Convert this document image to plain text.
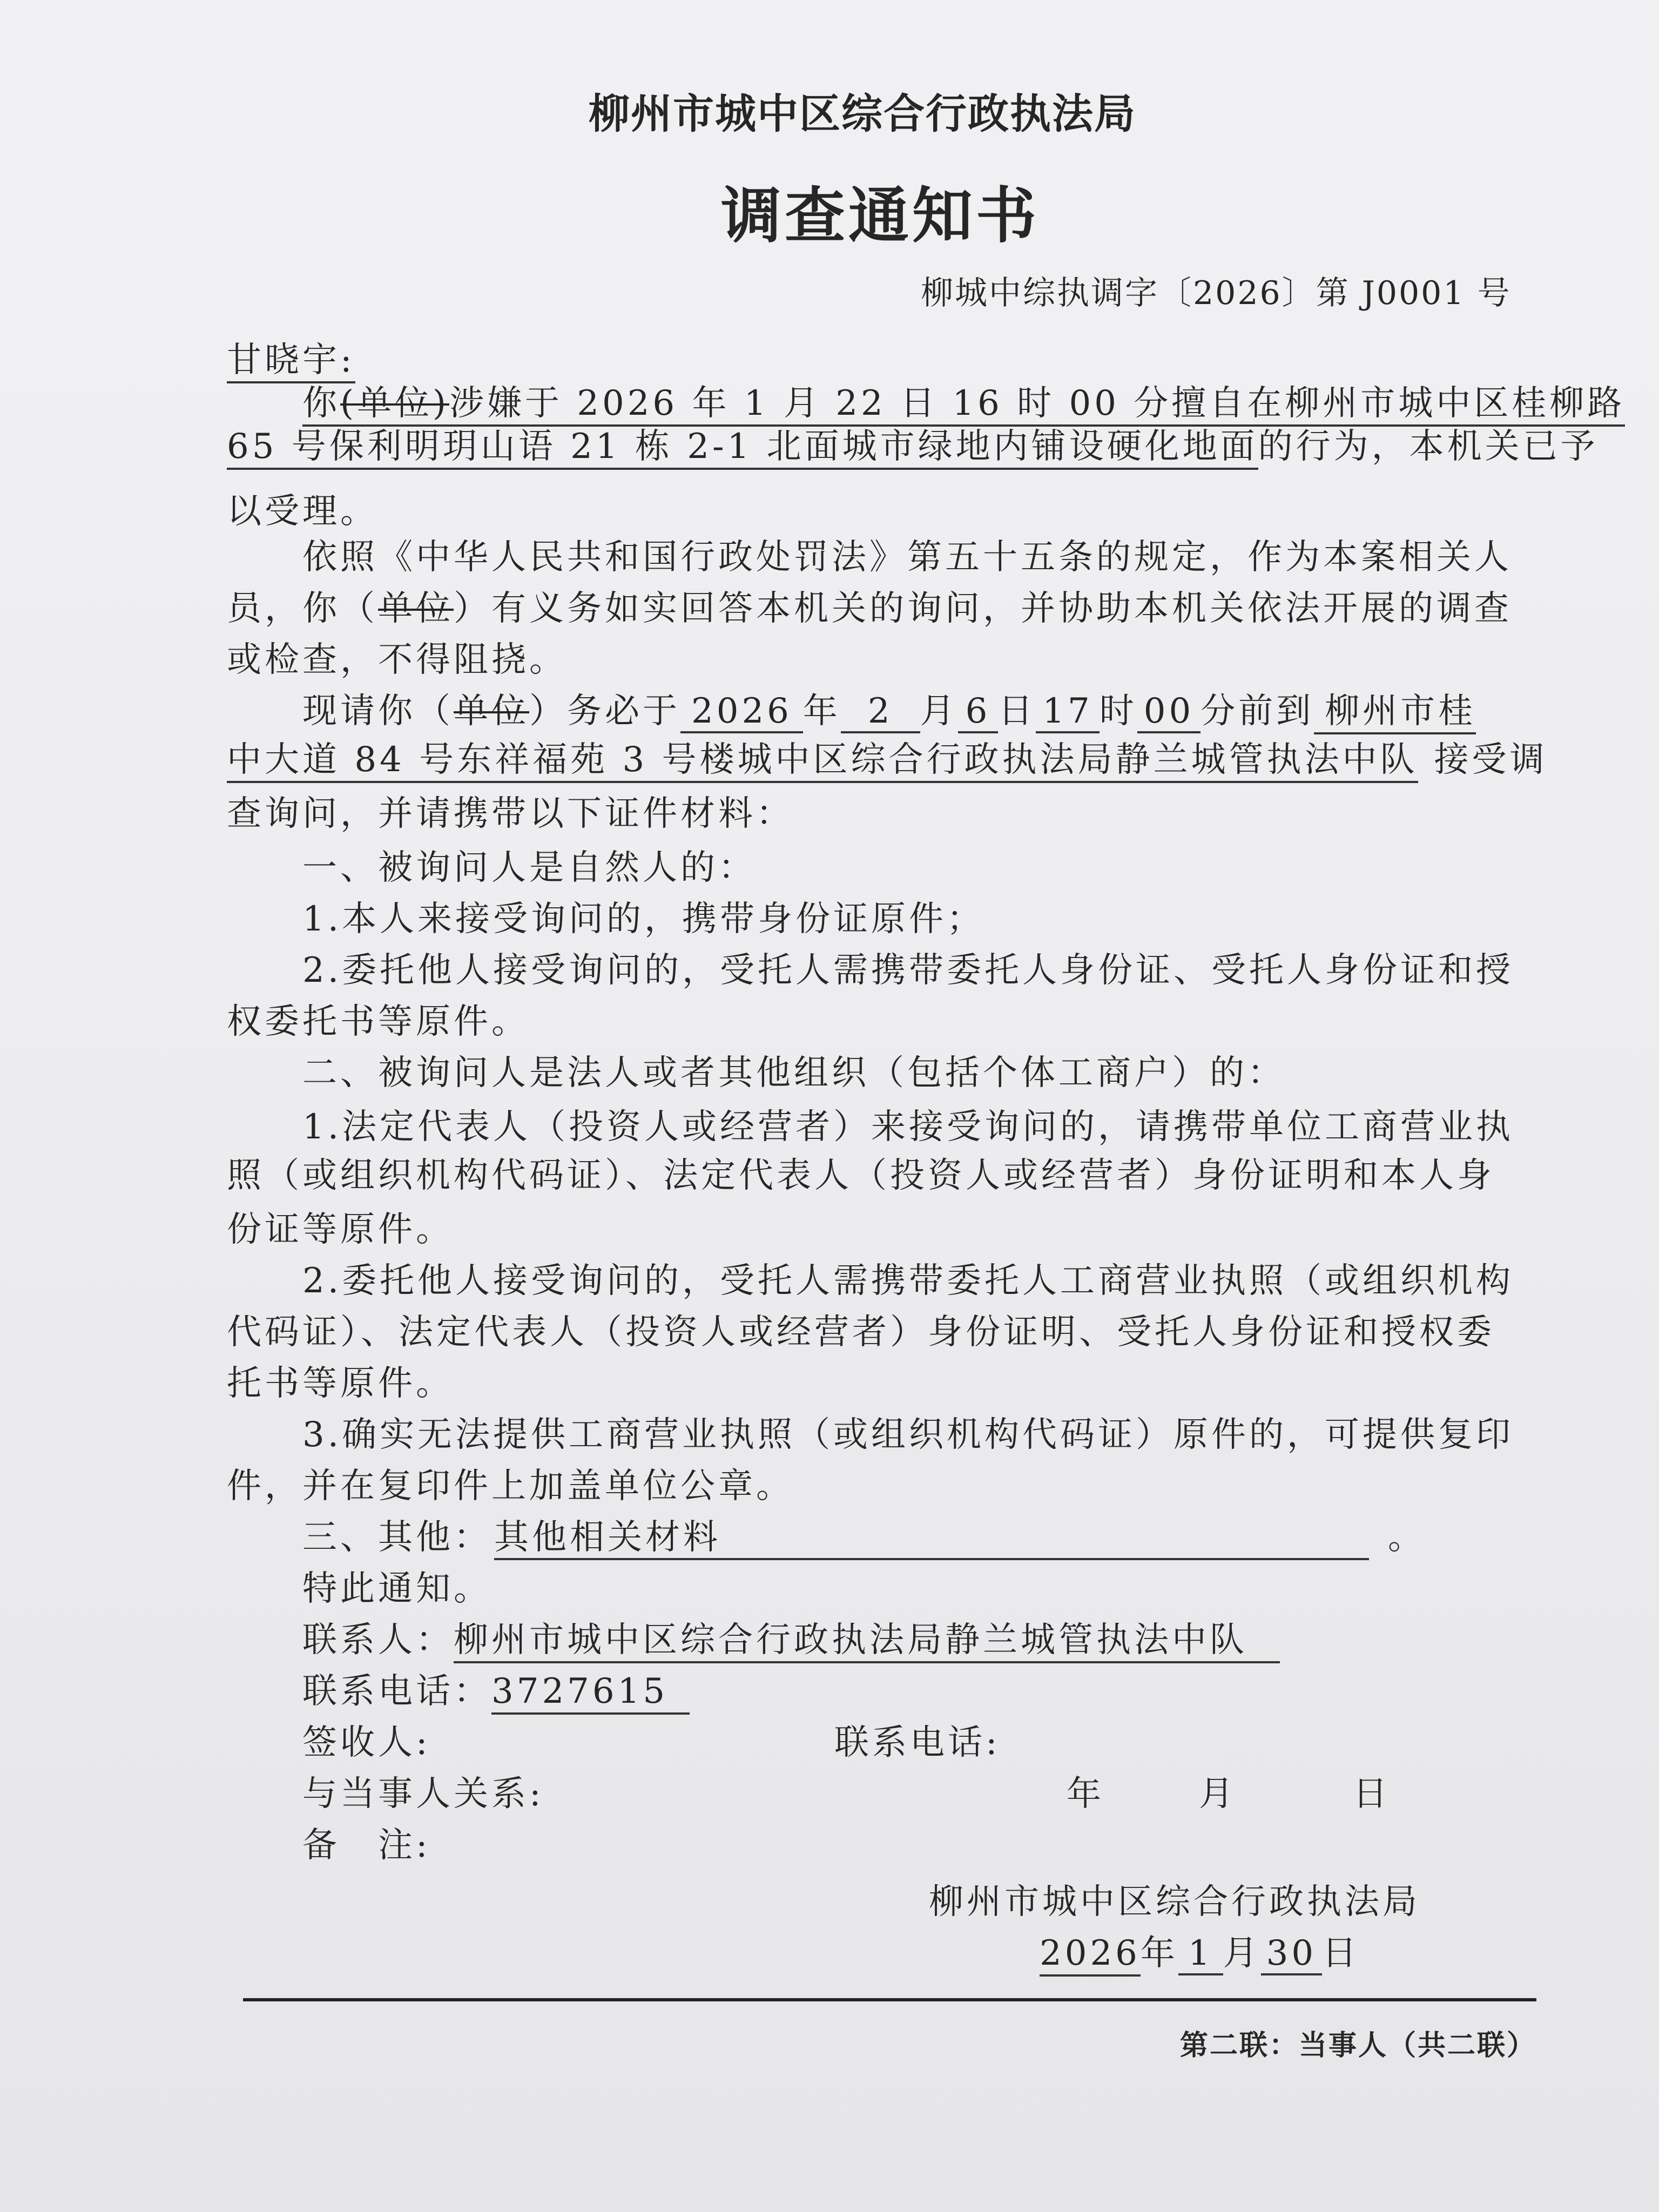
柳州市城中区综合行政执法局
调查通知书
柳城中综执调字〔2026〕第 J0001 号
甘晓宇:
你(单位)涉嫌于 2026 年 1 月 22 日 16 时 00 分擅自在柳州市城中区桂柳路
65 号保利明玥山语 21 栋 2-1 北面城市绿地内铺设硬化地面的行为，本机关已予
以受理。
依照《中华人民共和国行政处罚法》第五十五条的规定，作为本案相关人
员，你（单位）有义务如实回答本机关的询问，并协助本机关依法开展的调查
或检查，不得阻挠。
现请你（单位）务必于 2026 年 2 月 6 日 17 时 00 分前到 柳州市桂
中大道 84 号东祥福苑 3 号楼城中区综合行政执法局静兰城管执法中队 接受调
查询问，并请携带以下证件材料：
一、被询问人是自然人的：
1.本人来接受询问的，携带身份证原件；
2.委托他人接受询问的，受托人需携带委托人身份证、受托人身份证和授
权委托书等原件。
二、被询问人是法人或者其他组织（包括个体工商户）的：
1.法定代表人（投资人或经营者）来接受询问的，请携带单位工商营业执
照（或组织机构代码证）、法定代表人（投资人或经营者）身份证明和本人身
份证等原件。
2.委托他人接受询问的，受托人需携带委托人工商营业执照（或组织机构
代码证）、法定代表人（投资人或经营者）身份证明、受托人身份证和授权委
托书等原件。
3.确实无法提供工商营业执照（或组织机构代码证）原件的，可提供复印
件，并在复印件上加盖单位公章。
三、其他： 其他相关材料	。
特此通知。
联系人：柳州市城中区综合行政执法局静兰城管执法中队
联系电话：3727615
签收人:	联系电话:
与当事人关系:	年	月	日
备　注:
柳州市城中区综合行政执法局
2026年 1 月 30 日
第二联：当事人（共二联）
